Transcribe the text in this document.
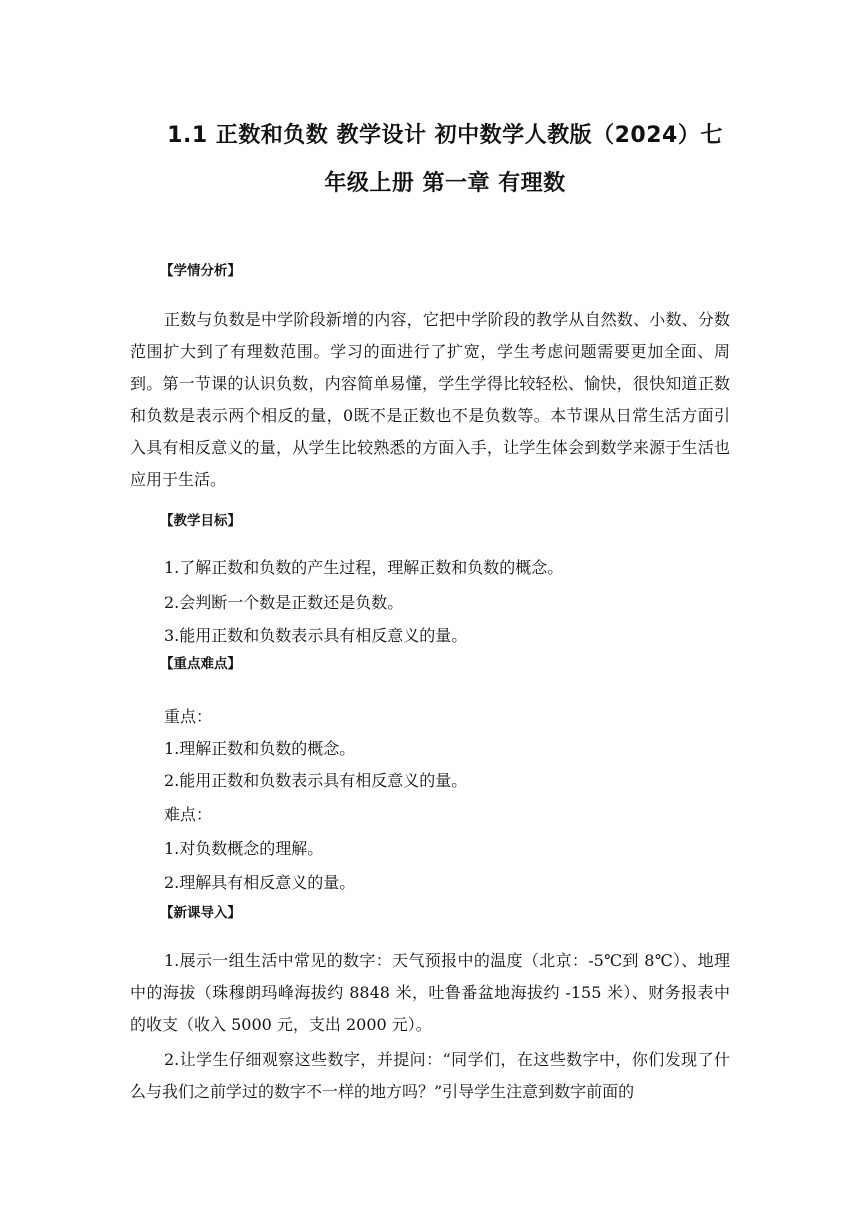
1.1 正数和负数 教学设计 初中数学人教版（2024）七
年级上册 第一章 有理数
【学情分析】

正数与负数是中学阶段新增的内容，它把中学阶段的教学从自然数、小数、分数范围扩大到了有理数范围。学习的面进行了扩宽，学生考虑问题需要更加全面、周到。第一节课的认识负数，内容简单易懂，学生学得比较轻松、愉快，很快知道正数和负数是表示两个相反的量，0既不是正数也不是负数等。本节课从日常生活方面引入具有相反意义的量，从学生比较熟悉的方面入手，让学生体会到数学来源于生活也应用于生活。

【教学目标】
1.了解正数和负数的产生过程，理解正数和负数的概念。
2.会判断一个数是正数还是负数。
3.能用正数和负数表示具有相反意义的量。
【重点难点】
重点：
1.理解正数和负数的概念。
2.能用正数和负数表示具有相反意义的量。
难点：
1.对负数概念的理解。
2.理解具有相反意义的量。
【新课导入】

1.展示一组生活中常见的数字：天气预报中的温度（北京：-5℃到 8℃）、地理中的海拔（珠穆朗玛峰海拔约 8848 米，吐鲁番盆地海拔约 -155 米）、财务报表中的收支（收入 5000 元，支出 2000 元）。

2.让学生仔细观察这些数字，并提问：“同学们，在这些数字中，你们发现了什么与我们之前学过的数字不一样的地方吗？”引导学生注意到数字前面的
